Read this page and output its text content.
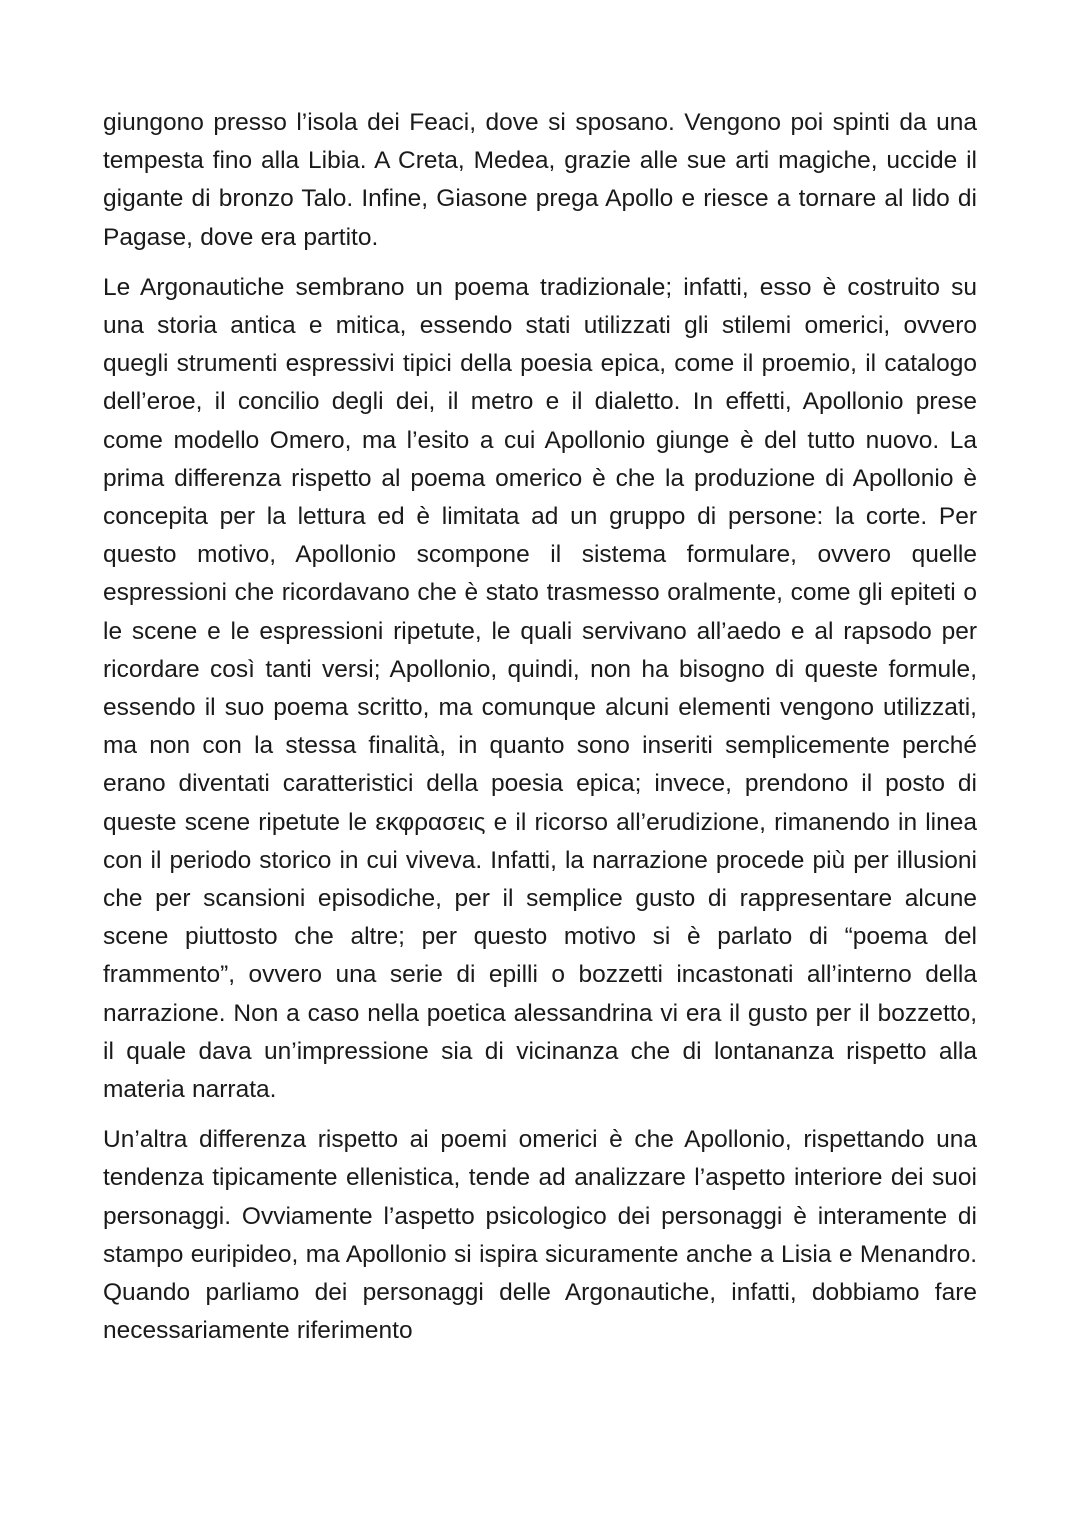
giungono presso l’isola dei Feaci, dove si sposano. Vengono poi spinti da una tempesta fino alla Libia. A Creta, Medea, grazie alle sue arti magiche, uccide il gigante di bronzo Talo. Infine, Giasone prega Apollo e riesce a tornare al lido di Pagase, dove era partito.

Le Argonautiche sembrano un poema tradizionale; infatti, esso è costruito su una storia antica e mitica, essendo stati utilizzati gli stilemi omerici, ovvero quegli strumenti espressivi tipici della poesia epica, come il proemio, il catalogo dell’eroe, il concilio degli dei, il metro e il dialetto. In effetti, Apollonio prese come modello Omero, ma l’esito a cui Apollonio giunge è del tutto nuovo. La prima differenza rispetto al poema omerico è che la produzione di Apollonio è concepita per la lettura ed è limitata ad un gruppo di persone: la corte. Per questo motivo, Apollonio scompone il sistema formulare, ovvero quelle espressioni che ricordavano che è stato trasmesso oralmente, come gli epiteti o le scene e le espressioni ripetute, le quali servivano all’aedo e al rapsodo per ricordare così tanti versi; Apollonio, quindi, non ha bisogno di queste formule, essendo il suo poema scritto, ma comunque alcuni elementi vengono utilizzati, ma non con la stessa finalità, in quanto sono inseriti semplicemente perché erano diventati caratteristici della poesia epica; invece, prendono il posto di queste scene ripetute le εκφρασεις e il ricorso all’erudizione, rimanendo in linea con il periodo storico in cui viveva. Infatti, la narrazione procede più per illusioni che per scansioni episodiche, per il semplice gusto di rappresentare alcune scene piuttosto che altre; per questo motivo si è parlato di “poema del frammento”, ovvero una serie di epilli o bozzetti incastonati all’interno della narrazione. Non a caso nella poetica alessandrina vi era il gusto per il bozzetto, il quale dava un’impressione sia di vicinanza che di lontananza rispetto alla materia narrata.

Un’altra differenza rispetto ai poemi omerici è che Apollonio, rispettando una tendenza tipicamente ellenistica, tende ad analizzare l’aspetto interiore dei suoi personaggi. Ovviamente l’aspetto psicologico dei personaggi è interamente di stampo euripideo, ma Apollonio si ispira sicuramente anche a Lisia e Menandro. Quando parliamo dei personaggi delle Argonautiche, infatti, dobbiamo fare necessariamente riferimento
